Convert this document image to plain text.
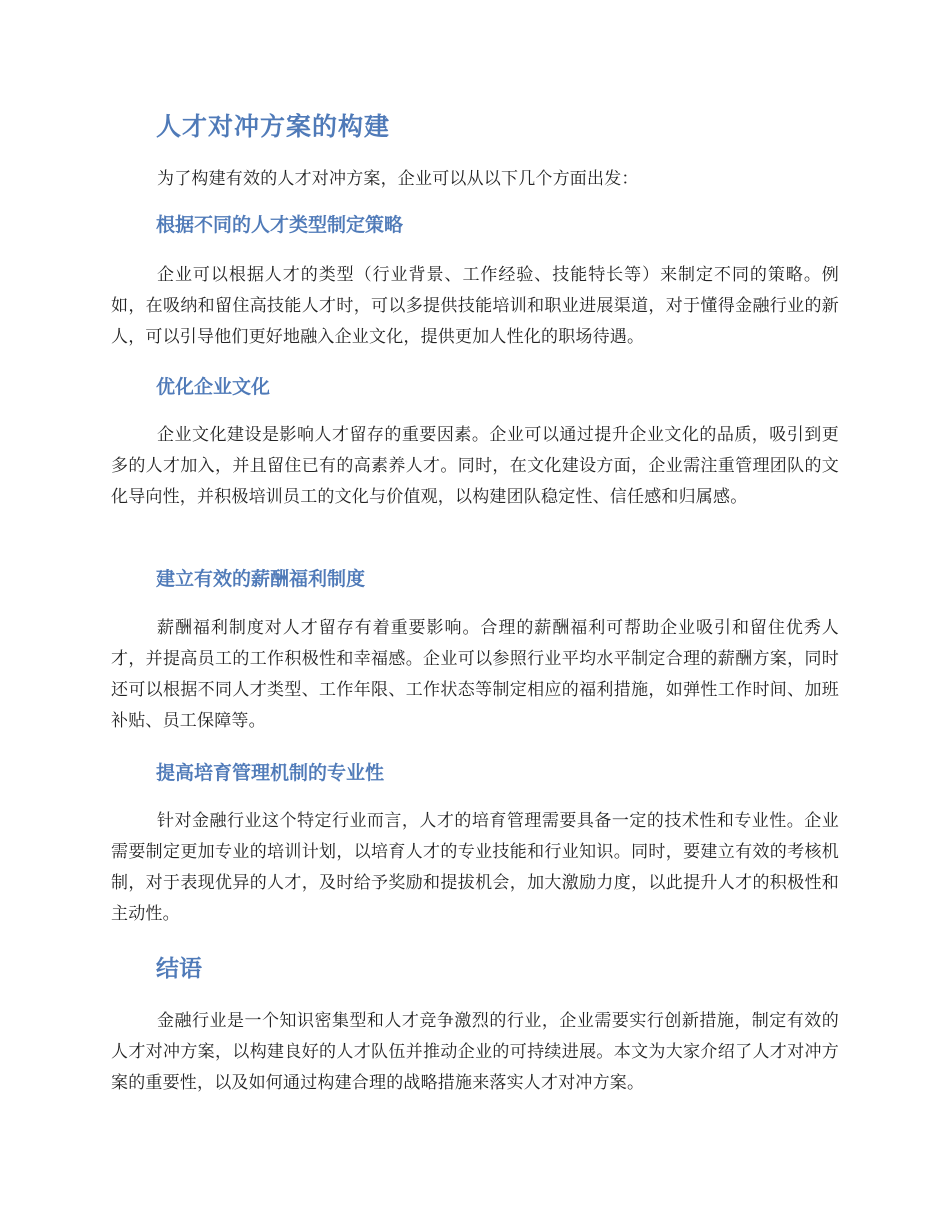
人才对冲方案的构建

为了构建有效的人才对冲方案，企业可以从以下几个方面出发：

根据不同的人才类型制定策略

企业可以根据人才的类型（行业背景、工作经验、技能特长等）来制定不同的策略。例如，在吸纳和留住高技能人才时，可以多提供技能培训和职业进展渠道，对于懂得金融行业的新人，可以引导他们更好地融入企业文化，提供更加人性化的职场待遇。

优化企业文化

企业文化建设是影响人才留存的重要因素。企业可以通过提升企业文化的品质，吸引到更多的人才加入，并且留住已有的高素养人才。同时，在文化建设方面，企业需注重管理团队的文化导向性，并积极培训员工的文化与价值观，以构建团队稳定性、信任感和归属感。

建立有效的薪酬福利制度

薪酬福利制度对人才留存有着重要影响。合理的薪酬福利可帮助企业吸引和留住优秀人才，并提高员工的工作积极性和幸福感。企业可以参照行业平均水平制定合理的薪酬方案，同时还可以根据不同人才类型、工作年限、工作状态等制定相应的福利措施，如弹性工作时间、加班补贴、员工保障等。

提高培育管理机制的专业性

针对金融行业这个特定行业而言，人才的培育管理需要具备一定的技术性和专业性。企业需要制定更加专业的培训计划，以培育人才的专业技能和行业知识。同时，要建立有效的考核机制，对于表现优异的人才，及时给予奖励和提拔机会，加大激励力度，以此提升人才的积极性和主动性。

结语

金融行业是一个知识密集型和人才竞争激烈的行业，企业需要实行创新措施，制定有效的人才对冲方案，以构建良好的人才队伍并推动企业的可持续进展。本文为大家介绍了人才对冲方案的重要性，以及如何通过构建合理的战略措施来落实人才对冲方案。
